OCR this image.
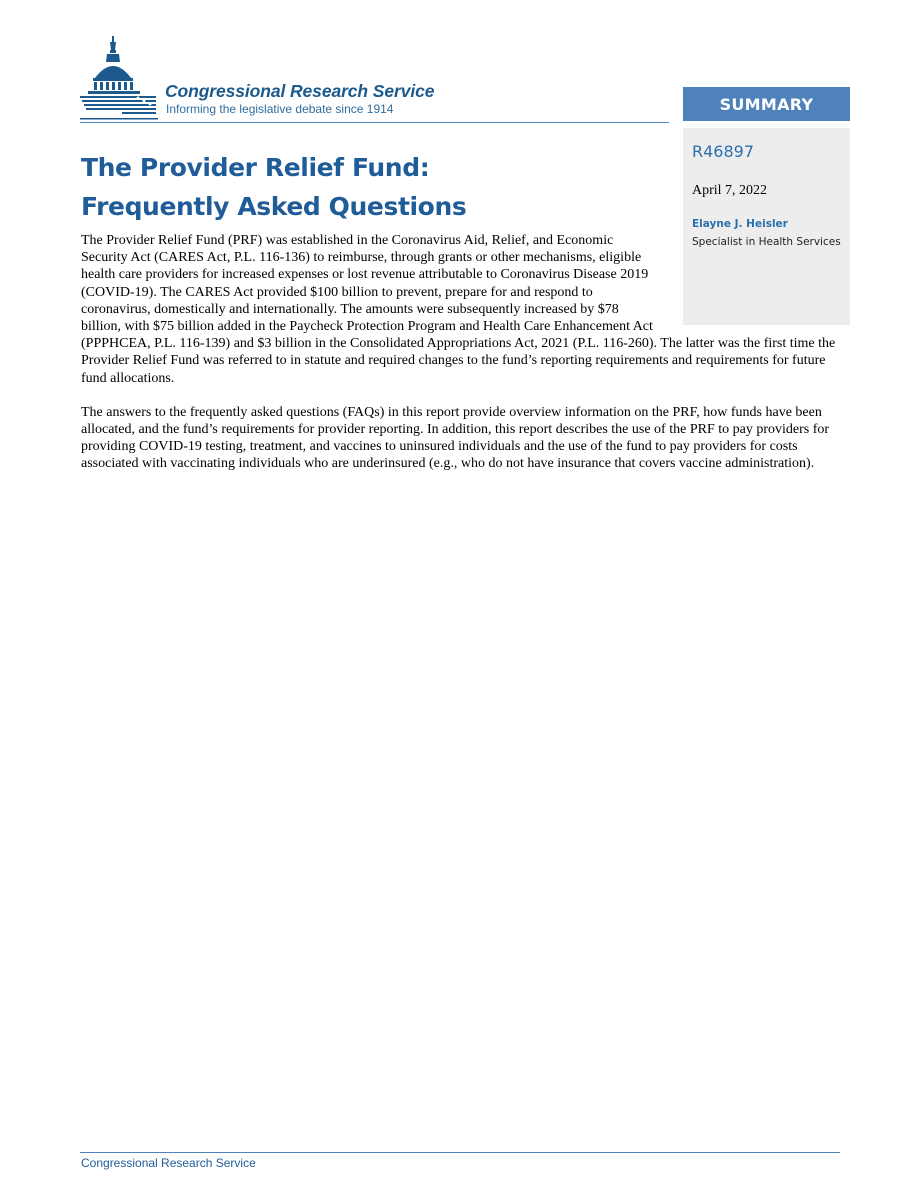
Congressional Research Service

Informing the legislative debate since 1914	SUMMARY

R46897

April 7, 2022

Elayne J. Heisler

Specialist in Health Services

The Provider Relief Fund:
Frequently Asked Questions

The Provider Relief Fund (PRF) was established in the Coronavirus Aid, Relief, and Economic Security Act (CARES Act, P.L. 116-136) to reimburse, through grants or other mechanisms, eligible health care providers for increased expenses or lost revenue attributable to Coronavirus Disease 2019 (COVID-19). The CARES Act provided $100 billion to prevent, prepare for and respond to coronavirus, domestically and internationally. The amounts were subsequently increased by $78 billion, with $75 billion added in the Paycheck Protection Program and Health Care Enhancement Act (PPPHCEA, P.L. 116-139) and $3 billion in the Consolidated Appropriations Act, 2021 (P.L. 116-260). The latter was the first time the Provider Relief Fund was referred to in statute and required changes to the fund’s reporting requirements and requirements for future fund allocations.

The answers to the frequently asked questions (FAQs) in this report provide overview information on the PRF, how funds have been allocated, and the fund’s requirements for provider reporting. In addition, this report describes the use of the PRF to pay providers for providing COVID-19 testing, treatment, and vaccines to uninsured individuals and the use of the fund to pay providers for costs associated with vaccinating individuals who are underinsured (e.g., who do not have insurance that covers vaccine administration).

Congressional Research Service
